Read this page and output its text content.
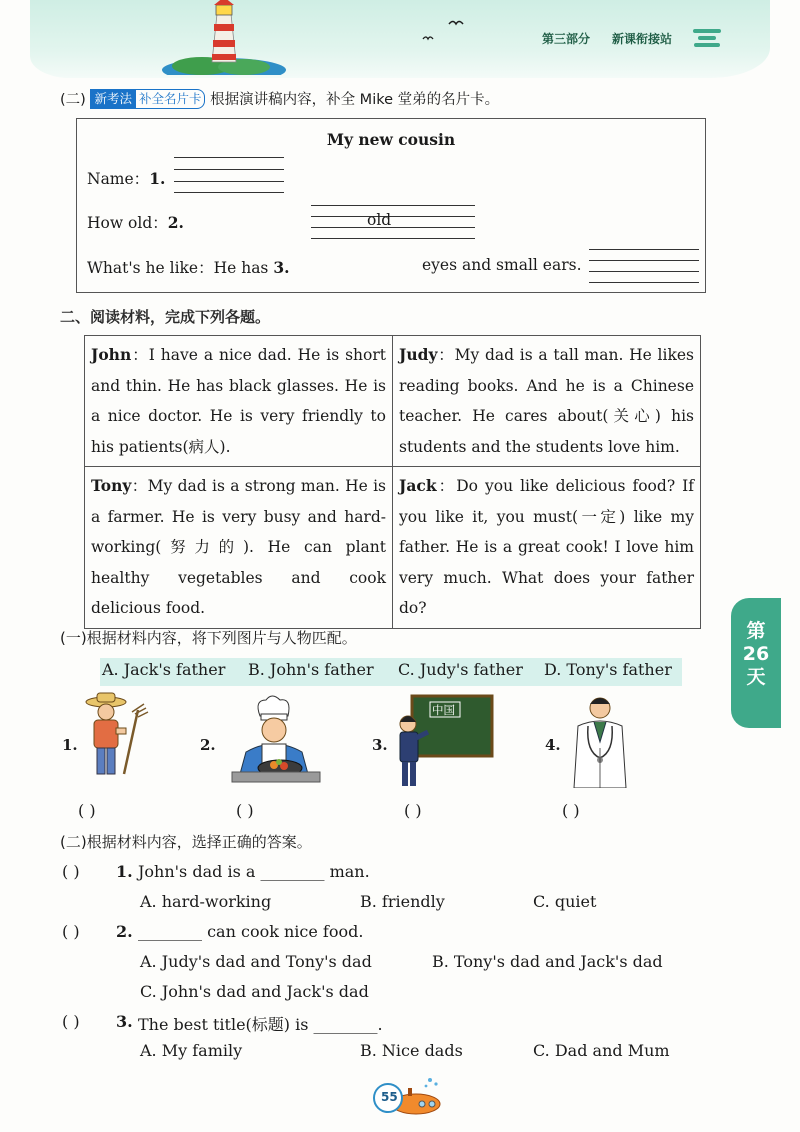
第三部分 新课衔接站
(二) 新考法 补全名片卡 根据演讲稿内容，补全 Mike 堂弟的名片卡。
My new cousin
Name：1.

How old：2.
	old
What's he like：He has 3.	eyes and small ears.
二、阅读材料，完成下列各题。
John：I have a nice dad. He is short and thin. He has black glasses. He is a nice doctor. He is very friendly to his patients(病人).	Judy：My dad is a tall man. He likes reading books. And he is a Chinese teacher. He cares about(关心) his students and the students love him.
Tony：My dad is a strong man. He is a farmer. He is very busy and hard-working(努力的). He can plant healthy vegetables and cook delicious food.	Jack：Do you like delicious food? If you like it, you must(一定) like my father. He is a great cook! I love him very much. What does your father do?
(一)根据材料内容，将下列图片与人物匹配。
A. Jack's father B. John's father C. Judy's father D. Tony's father
1.
( )
2.
( )
3.
中国
( )
4.
( )
(二)根据材料内容，选择正确的答案。
( ) 1. John's dad is a ________ man.
A. hard-working	B. friendly	C. quiet
( ) 2. ________ can cook nice food.
A. Judy's dad and Tony's dad	B. Tony's dad and Jack's dad
C. John's dad and Jack's dad
( ) 3. The best title(标题) is ________.
A. My family	B. Nice dads	C. Dad and Mum
第
26
天
55
